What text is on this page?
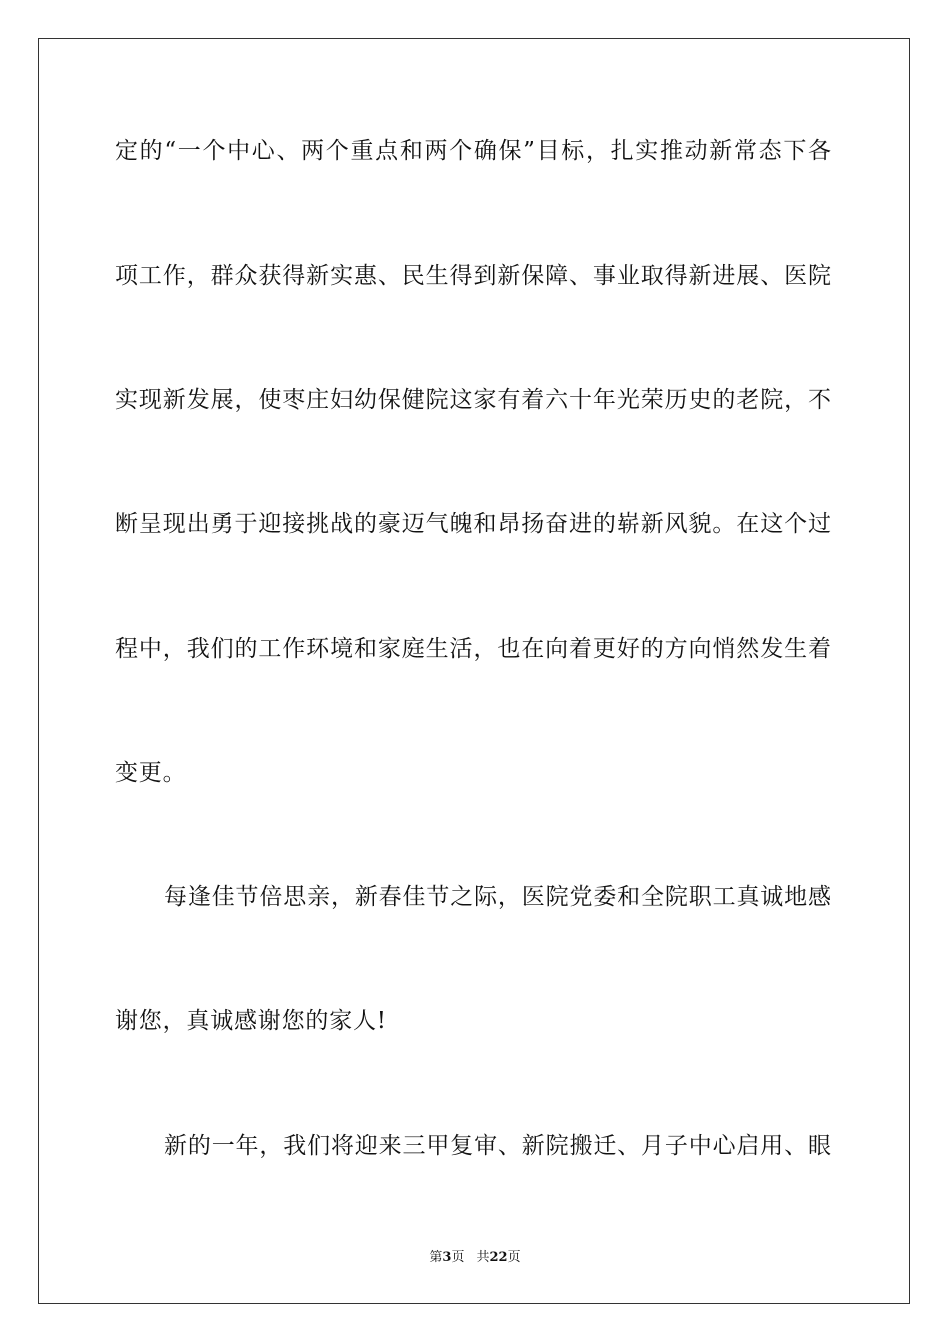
定的“一个中心、两个重点和两个确保”目标，扎实推动新常态下各
项工作，群众获得新实惠、民生得到新保障、事业取得新进展、医院
实现新发展，使枣庄妇幼保健院这家有着六十年光荣历史的老院，不
断呈现出勇于迎接挑战的豪迈气魄和昂扬奋进的崭新风貌。在这个过
程中，我们的工作环境和家庭生活，也在向着更好的方向悄然发生着
变更。
每逢佳节倍思亲，新春佳节之际，医院党委和全院职工真诚地感
谢您，真诚感谢您的家人!
新的一年，我们将迎来三甲复审、新院搬迁、月子中心启用、眼
第3页 共22页
